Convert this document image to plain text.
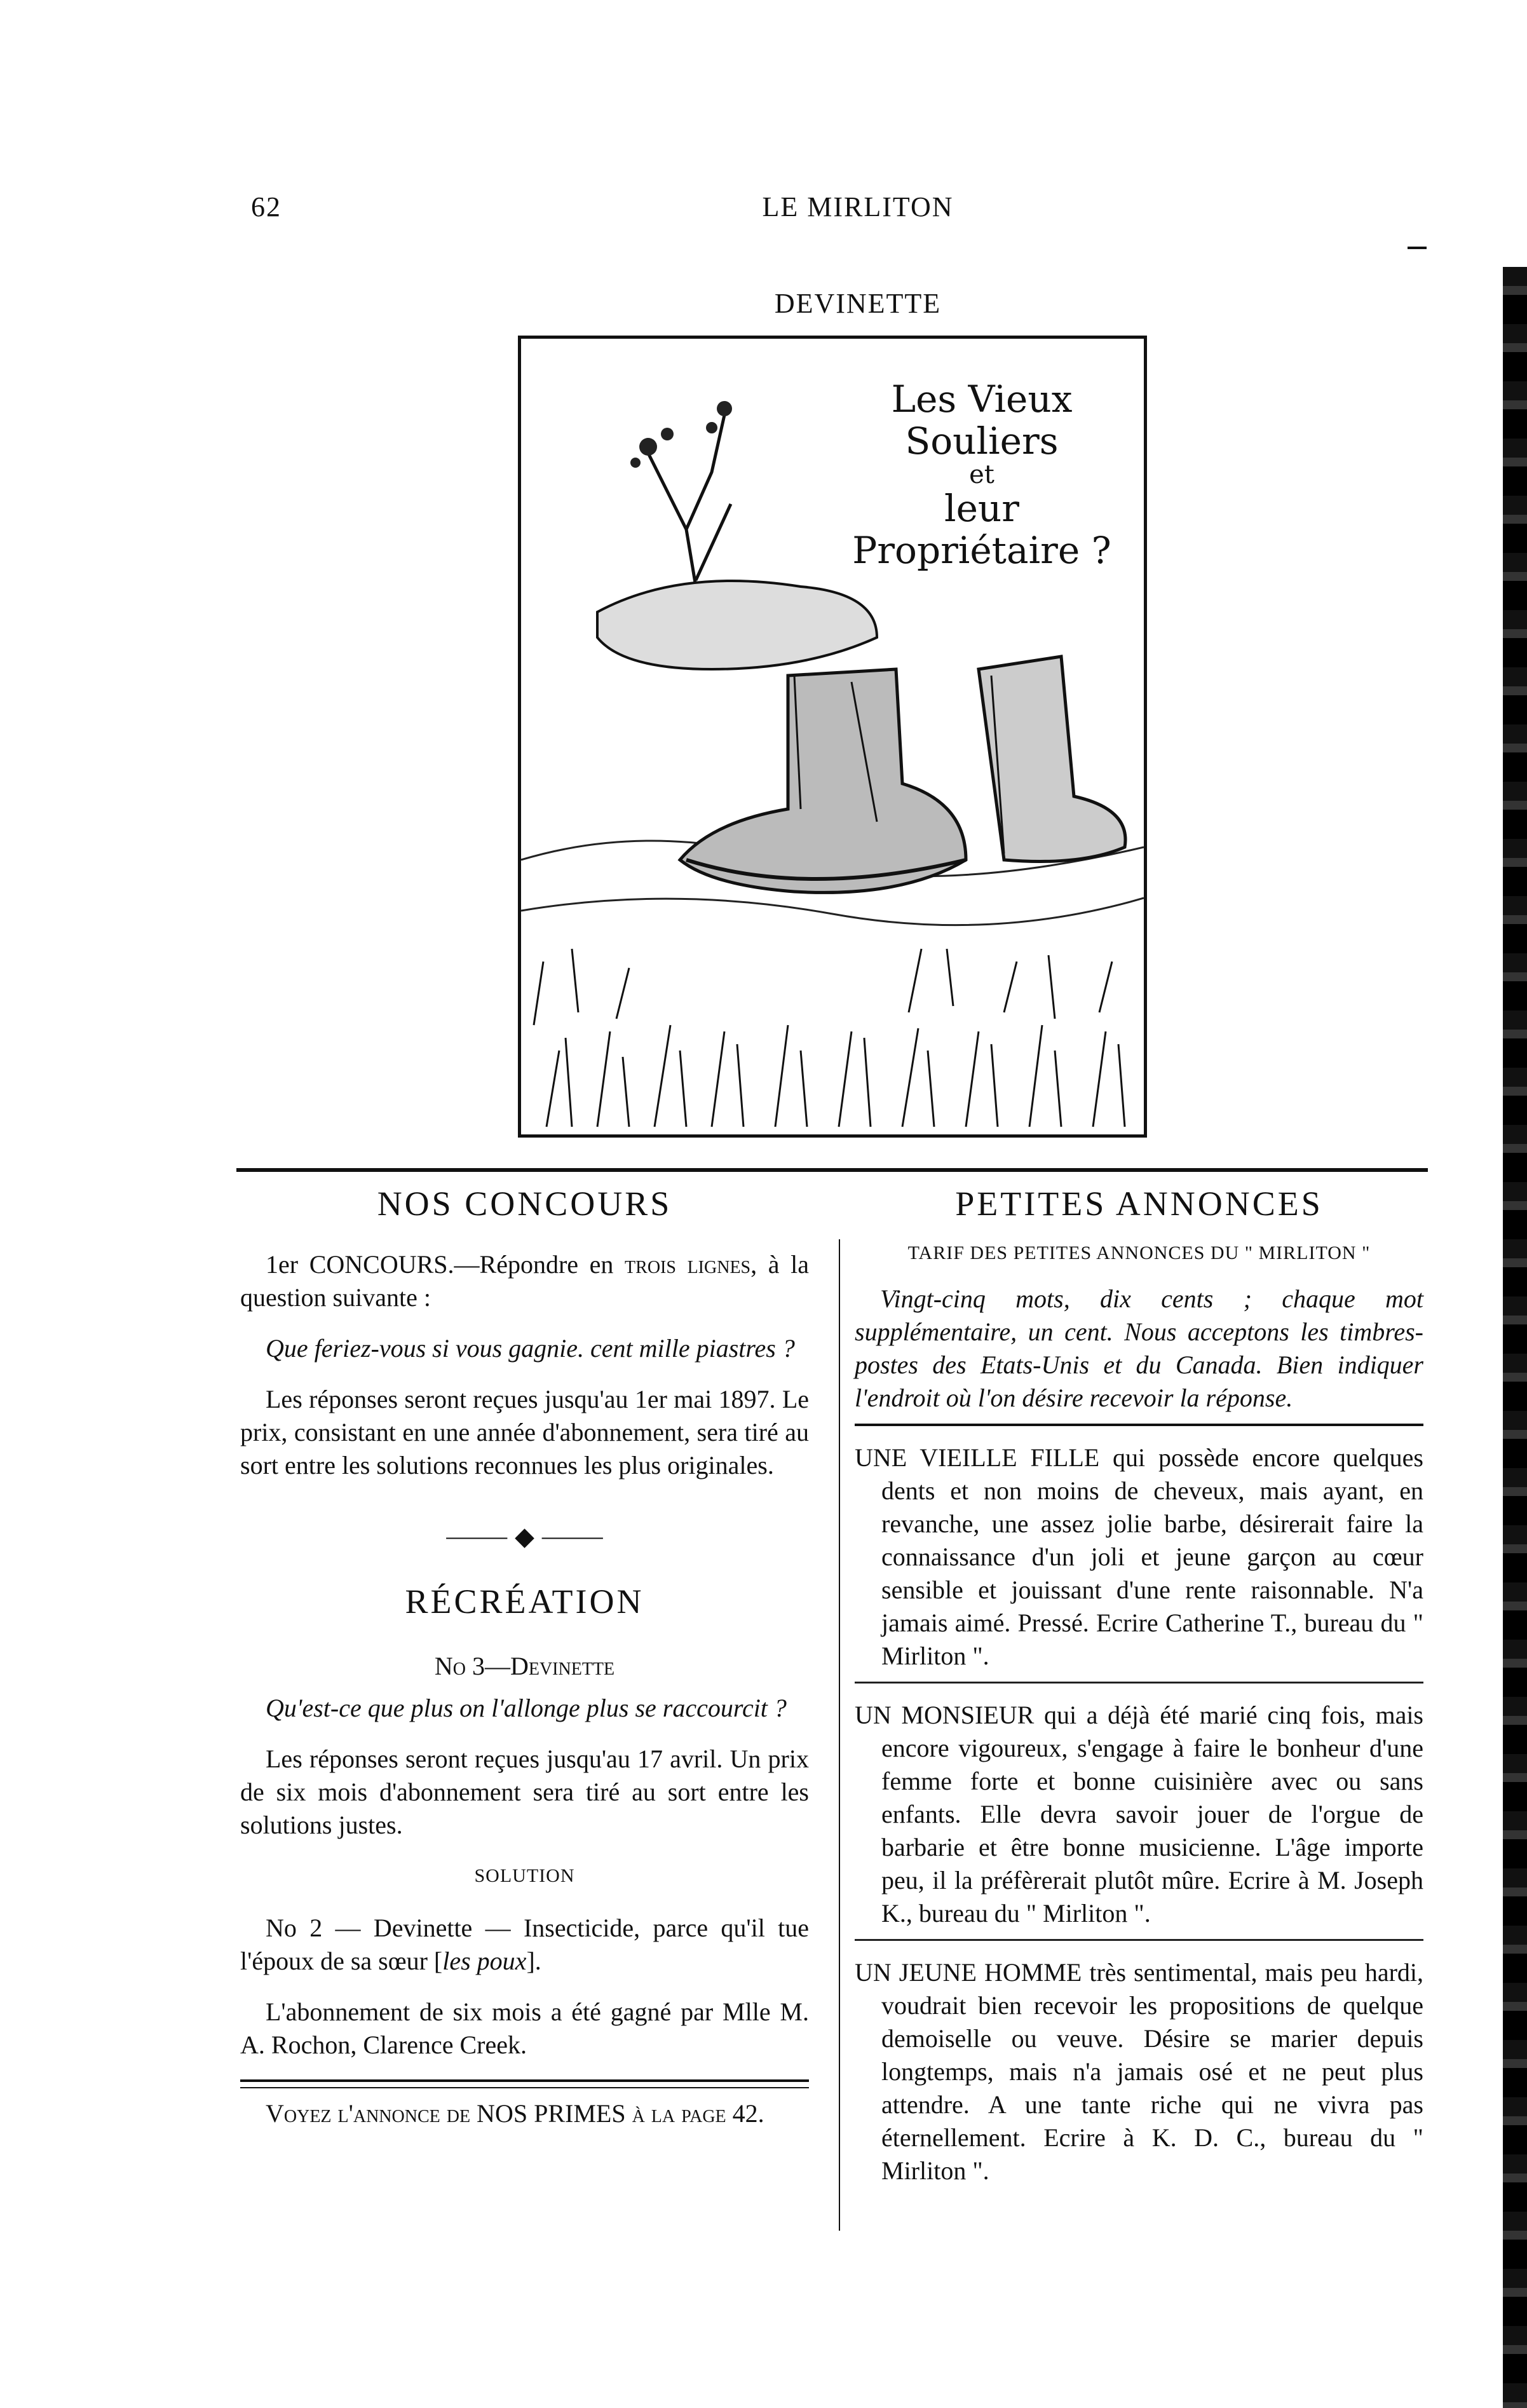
62	LE MIRLITON
DEVINETTE
Les Vieux Souliers
et
leur Propriétaire ?
NOS CONCOURS

1er CONCOURS.—Répondre en trois lignes, à la question suivante :

Que feriez-vous si vous gagnie. cent mille piastres ?

Les réponses seront reçues jusqu'au 1er mai 1897. Le prix, consistant en une année d'abonnement, sera tiré au sort entre les solutions reconnues les plus originales.

⸻ ◆ ⸻
RÉCRÉATION
No 3—Devinette

Qu'est-ce que plus on l'allonge plus se raccourcit ?

Les réponses seront reçues jusqu'au 17 avril. Un prix de six mois d'abonnement sera tiré au sort entre les solutions justes.

SOLUTION

No 2 — Devinette — Insecticide, parce qu'il tue l'époux de sa sœur [les poux].

L'abonnement de six mois a été gagné par Mlle M. A. Rochon, Clarence Creek.

Voyez l'annonce de NOS PRIMES à la page 42.

PETITES ANNONCES
TARIF DES PETITES ANNONCES DU " MIRLITON "

Vingt-cinq mots, dix cents ; chaque mot supplémentaire, un cent. Nous acceptons les timbres-postes des Etats-Unis et du Canada. Bien indiquer l'endroit où l'on désire recevoir la réponse.

UNE VIEILLE FILLE qui possède encore quelques dents et non moins de cheveux, mais ayant, en revanche, une assez jolie barbe, désirerait faire la connaissance d'un joli et jeune garçon au cœur sensible et jouissant d'une rente raisonnable. N'a jamais aimé. Pressé. Ecrire Catherine T., bureau du " Mirliton ".
UN MONSIEUR qui a déjà été marié cinq fois, mais encore vigoureux, s'engage à faire le bonheur d'une femme forte et bonne cuisinière avec ou sans enfants. Elle devra savoir jouer de l'orgue de barbarie et être bonne musicienne. L'âge importe peu, il la préfèrerait plutôt mûre. Ecrire à M. Joseph K., bureau du " Mirliton ".
UN JEUNE HOMME très sentimental, mais peu hardi, voudrait bien recevoir les propositions de quelque demoiselle ou veuve. Désire se marier depuis longtemps, mais n'a jamais osé et ne peut plus attendre. A une tante riche qui ne vivra pas éternellement. Ecrire à K. D. C., bureau du " Mirliton ".
